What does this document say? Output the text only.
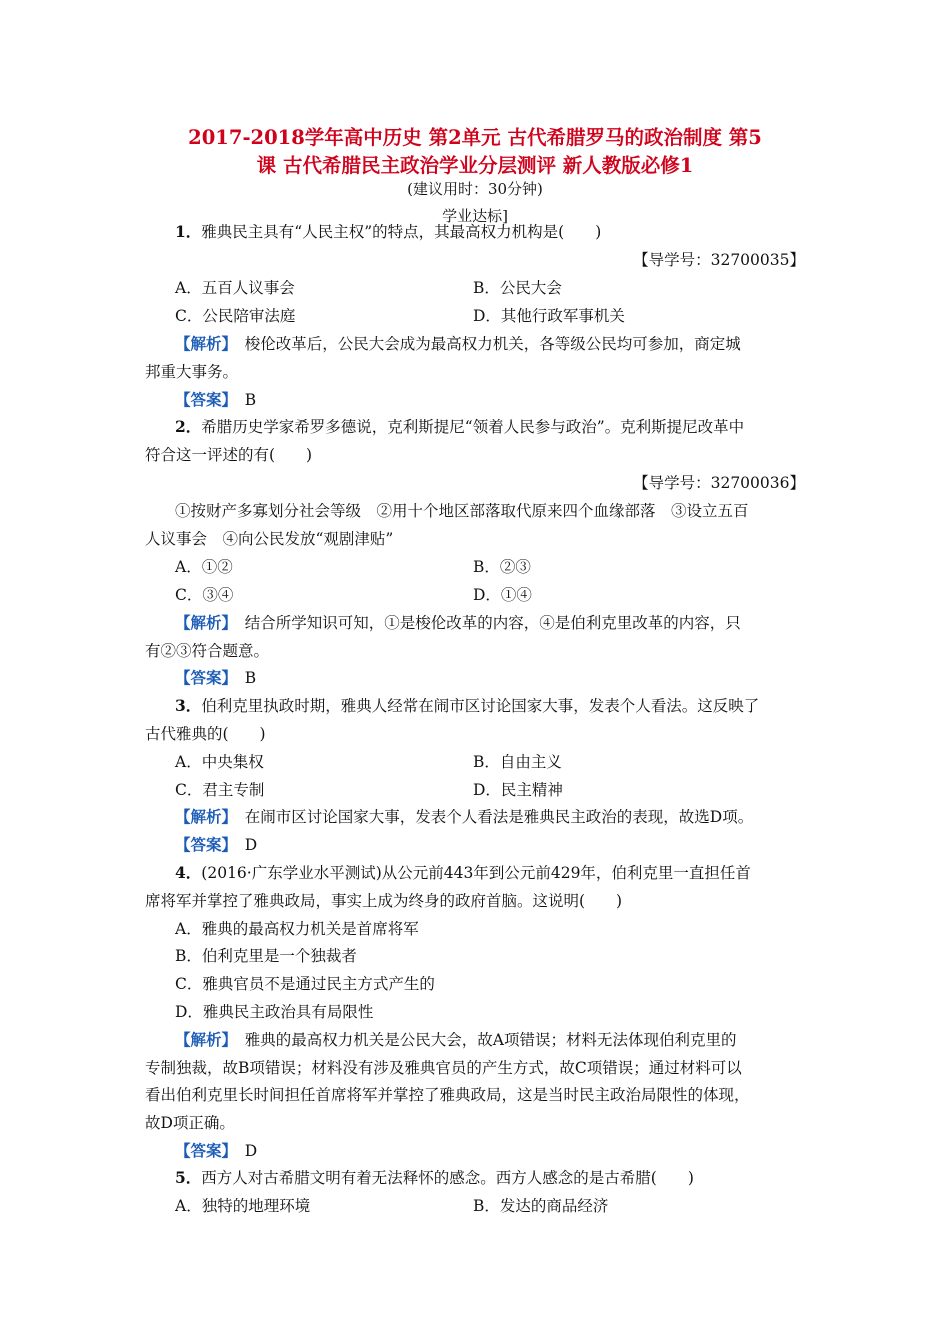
2017-2018学年高中历史 第2单元 古代希腊罗马的政治制度 第5
课 古代希腊民主政治学业分层测评 新人教版必修1
(建议用时：30分钟)
学业达标]
1．雅典民主具有“人民主权”的特点，其最高权力机构是(　　)
【导学号：32700035】
A．五百人议事会	B．公民大会
C．公民陪审法庭	D．其他行政军事机关
【解析】　 梭伦改革后，公民大会成为最高权力机关，各等级公民均可参加，商定城
邦重大事务。
【答案】　 B
2．希腊历史学家希罗多德说，克利斯提尼“领着人民参与政治”。克利斯提尼改革中
符合这一评述的有(　　)
【导学号：32700036】
①按财产多寡划分社会等级　②用十个地区部落取代原来四个血缘部落　③设立五百
人议事会　④向公民发放“观剧津贴”
A．①②	B．②③
C．③④	D．①④
【解析】　 结合所学知识可知，①是梭伦改革的内容，④是伯利克里改革的内容，只
有②③符合题意。
【答案】　 B
3．伯利克里执政时期，雅典人经常在闹市区讨论国家大事，发表个人看法。这反映了
古代雅典的(　　)
A．中央集权	B．自由主义
C．君主专制	D．民主精神
【解析】　 在闹市区讨论国家大事，发表个人看法是雅典民主政治的表现，故选D项。
【答案】　 D
4．(2016·广东学业水平测试)从公元前443年到公元前429年，伯利克里一直担任首
席将军并掌控了雅典政局，事实上成为终身的政府首脑。这说明(　　)
A．雅典的最高权力机关是首席将军
B．伯利克里是一个独裁者
C．雅典官员不是通过民主方式产生的
D．雅典民主政治具有局限性
【解析】　 雅典的最高权力机关是公民大会，故A项错误；材料无法体现伯利克里的
专制独裁，故B项错误；材料没有涉及雅典官员的产生方式，故C项错误；通过材料可以
看出伯利克里长时间担任首席将军并掌控了雅典政局，这是当时民主政治局限性的体现，
故D项正确。
【答案】　 D
5．西方人对古希腊文明有着无法释怀的感念。西方人感念的是古希腊(　　)
A．独特的地理环境	B．发达的商品经济
